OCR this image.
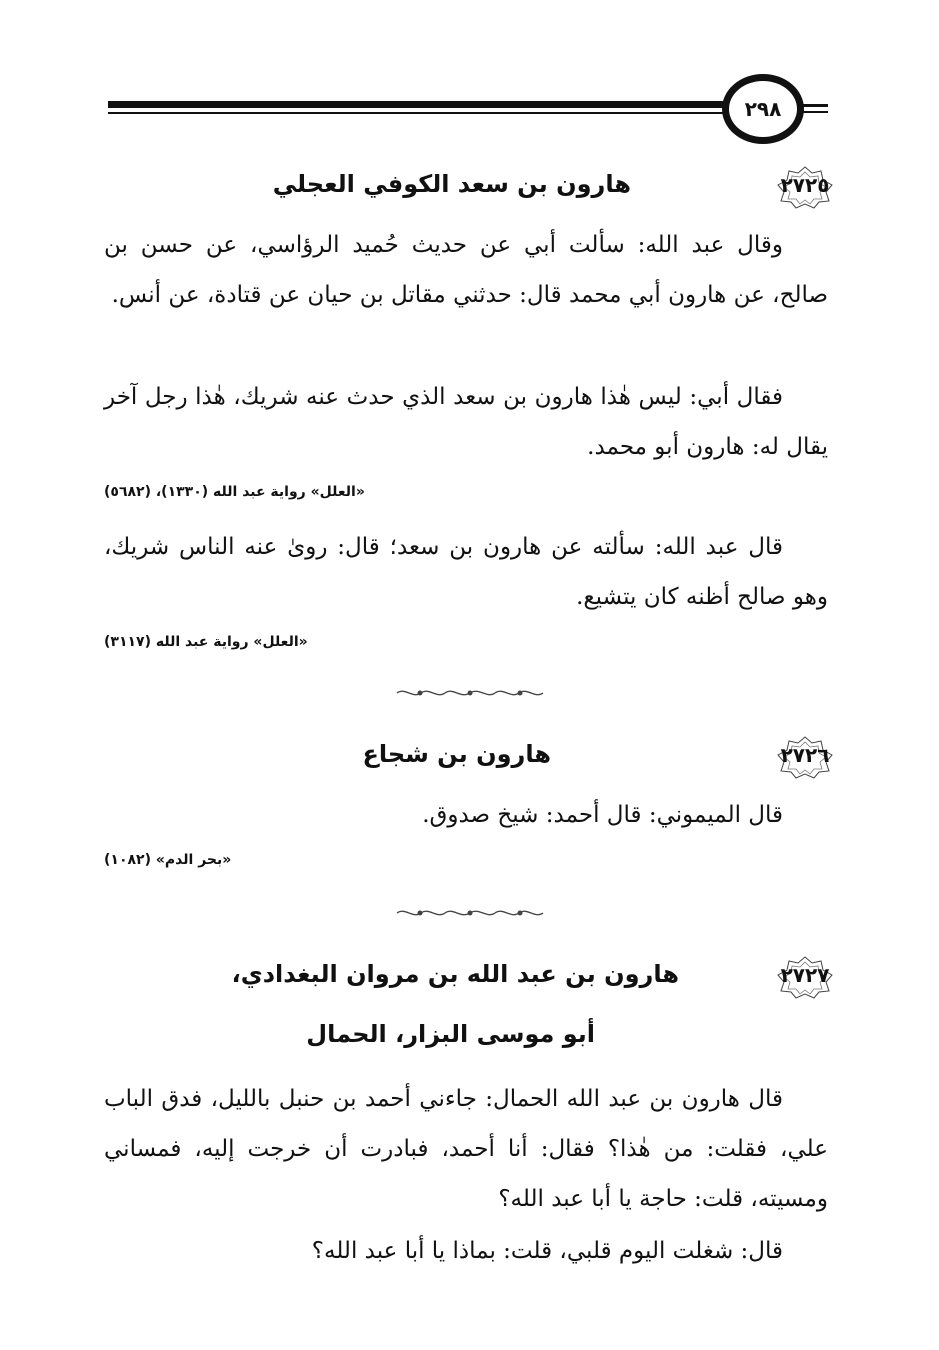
٢٩٨
٢٧٢٥
هارون بن سعد الكوفي العجلي

وقال عبد الله: سألت أبي عن حديث حُميد الرؤاسي، عن حسن بن صالح، عن هارون أبي محمد قال: حدثني مقاتل بن حيان عن قتادة، عن أنس.

فقال أبي: ليس هٰذا هارون بن سعد الذي حدث عنه شريك، هٰذا رجل آخر يقال له: هارون أبو محمد.

«العلل» رواية عبد الله (١٣٣٠)، (٥٦٨٢)

قال عبد الله: سألته عن هارون بن سعد؛ قال: روىٰ عنه الناس شريك، وهو صالح أظنه كان يتشيع.

«العلل» رواية عبد الله (٣١١٧)
٢٧٢٦
هارون بن شجاع

قال الميموني: قال أحمد: شيخ صدوق.

«بحر الدم» (١٠٨٢)
٢٧٢٧
هارون بن عبد الله بن مروان البغدادي،
أبو موسى البزار، الحمال

قال هارون بن عبد الله الحمال: جاءني أحمد بن حنبل بالليل، فدق الباب علي، فقلت: من هٰذا؟ فقال: أنا أحمد، فبادرت أن خرجت إليه، فمساني ومسيته، قلت: حاجة يا أبا عبد الله؟

قال: شغلت اليوم قلبي، قلت: بماذا يا أبا عبد الله؟
